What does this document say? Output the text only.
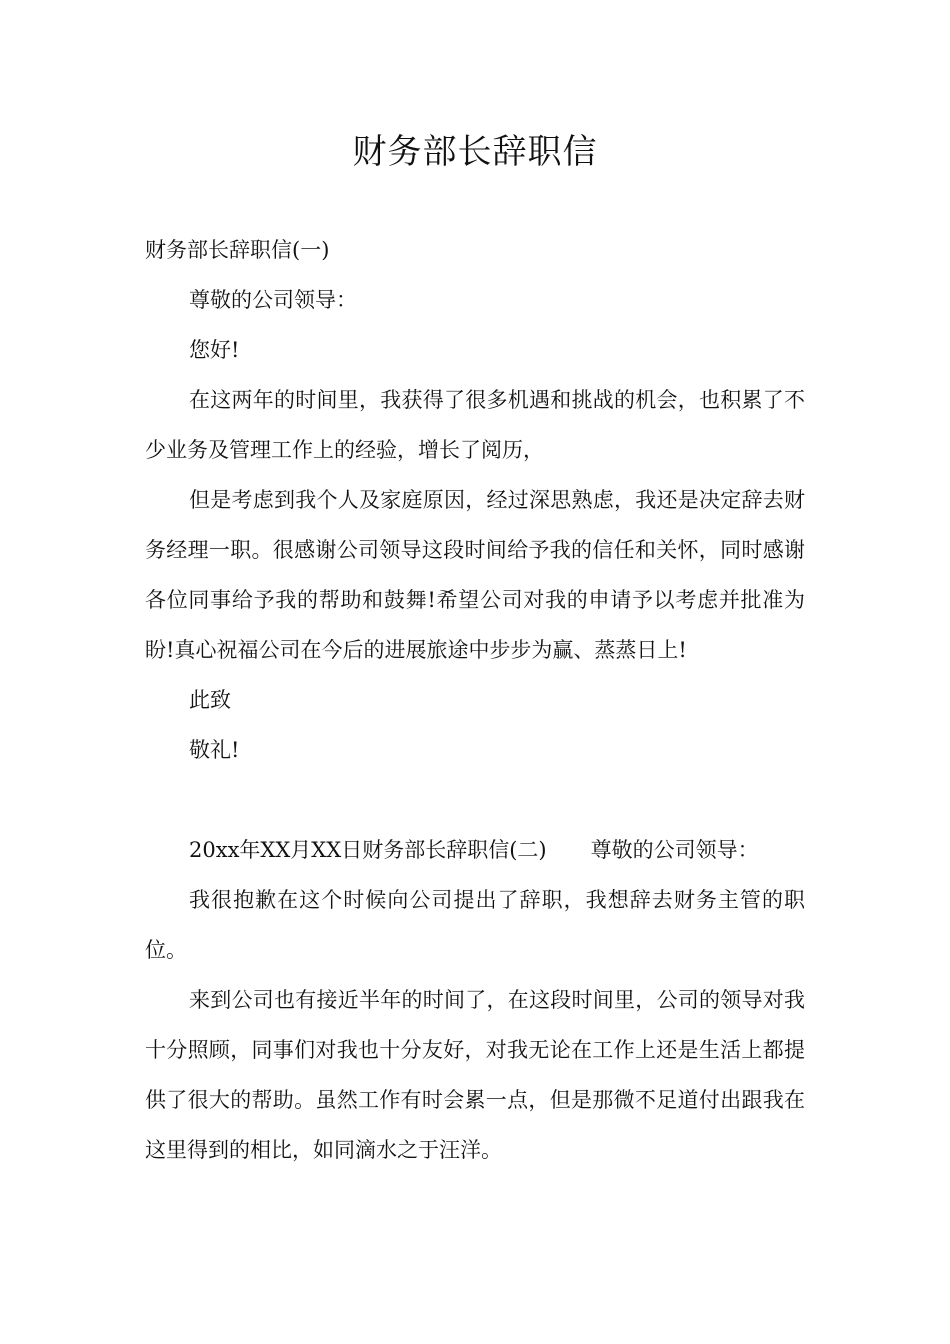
财务部长辞职信

财务部长辞职信(一)

尊敬的公司领导：

您好!

在这两年的时间里，我获得了很多机遇和挑战的机会，也积累了不少业务及管理工作上的经验，增长了阅历，

但是考虑到我个人及家庭原因，经过深思熟虑，我还是决定辞去财务经理一职。很感谢公司领导这段时间给予我的信任和关怀，同时感谢各位同事给予我的帮助和鼓舞!希望公司对我的申请予以考虑并批准为盼!真心祝福公司在今后的进展旅途中步步为赢、蒸蒸日上!

此致

敬礼!

20xx年XX月XX日财务部长辞职信(二) 尊敬的公司领导：

我很抱歉在这个时候向公司提出了辞职，我想辞去财务主管的职位。

来到公司也有接近半年的时间了，在这段时间里，公司的领导对我十分照顾，同事们对我也十分友好，对我无论在工作上还是生活上都提供了很大的帮助。虽然工作有时会累一点，但是那微不足道付出跟我在这里得到的相比，如同滴水之于汪洋。
